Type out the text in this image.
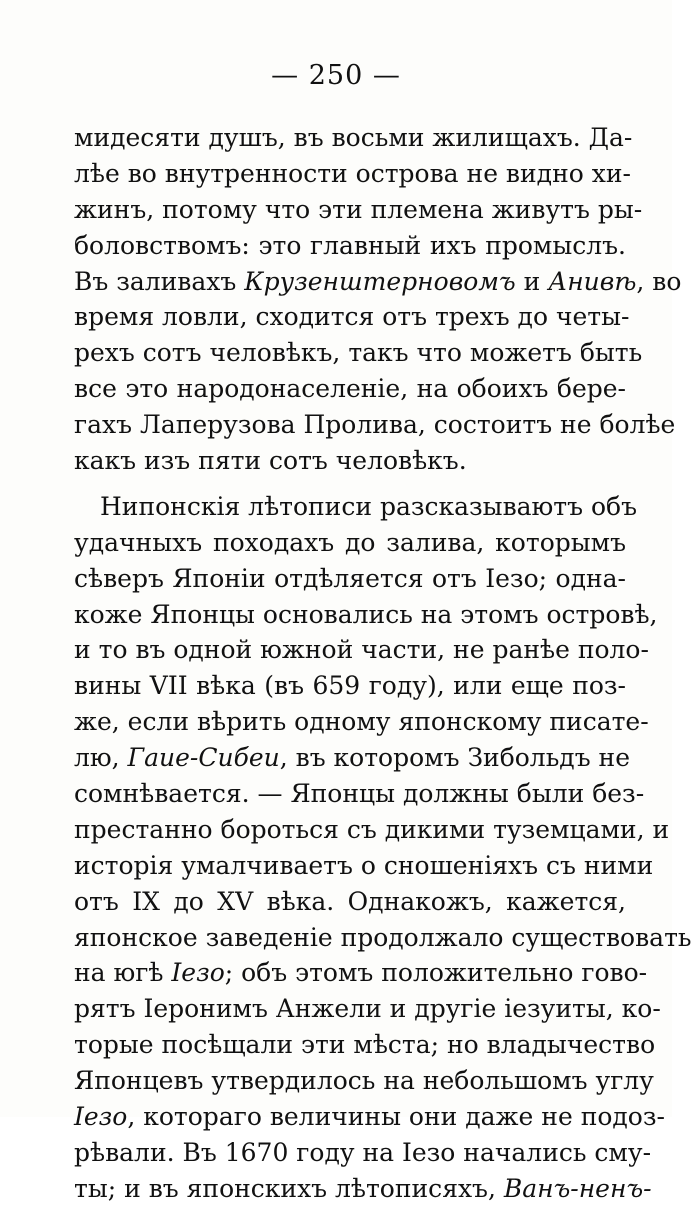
— 250 —
мидесяти душъ, въ восьми жилищахъ. Да-
лѣе во внутренности острова не видно хи-
жинъ, потому что эти племена живутъ ры-
боловствомъ: это главный ихъ промыслъ.
Въ заливахъ Крузенштерновомъ и Анивѣ, во
время ловли, сходится отъ трехъ до четы-
рехъ сотъ человѣкъ, такъ что можетъ быть
все это народонаселеніе, на обоихъ бере-
гахъ Лаперузова Пролива, состоитъ не болѣе
какъ изъ пяти сотъ человѣкъ.
Нипонскія лѣтописи разсказываютъ объ
удачныхъ походахъ до залива, которымъ
сѣверъ Японіи отдѣляется отъ Іезо; одна-
коже Японцы основались на этомъ островѣ,
и то въ одной южной части, не ранѣе поло-
вины VII вѣка (въ 659 году), или еще поз-
же, если вѣрить одному японскому писате-
лю, Гаие-Сибеи, въ которомъ Зибольдъ не
сомнѣвается. — Японцы должны были без-
престанно бороться съ дикими туземцами, и
исторія умалчиваетъ о сношеніяхъ съ ними
отъ IX до XV вѣка. Однакожъ, кажется,
японское заведеніе продолжало существовать
на югѣ Іезо; объ этомъ положительно гово-
рятъ Іеронимъ Анжели и другіе іезуиты, ко-
торые посѣщали эти мѣста; но владычество
Японцевъ утвердилось на небольшомъ углу
Іезо, котораго величины они даже не подоз-
рѣвали. Въ 1670 году на Іезо начались сму-
ты; и въ японскихъ лѣтописяхъ, Ванъ-ненъ-
